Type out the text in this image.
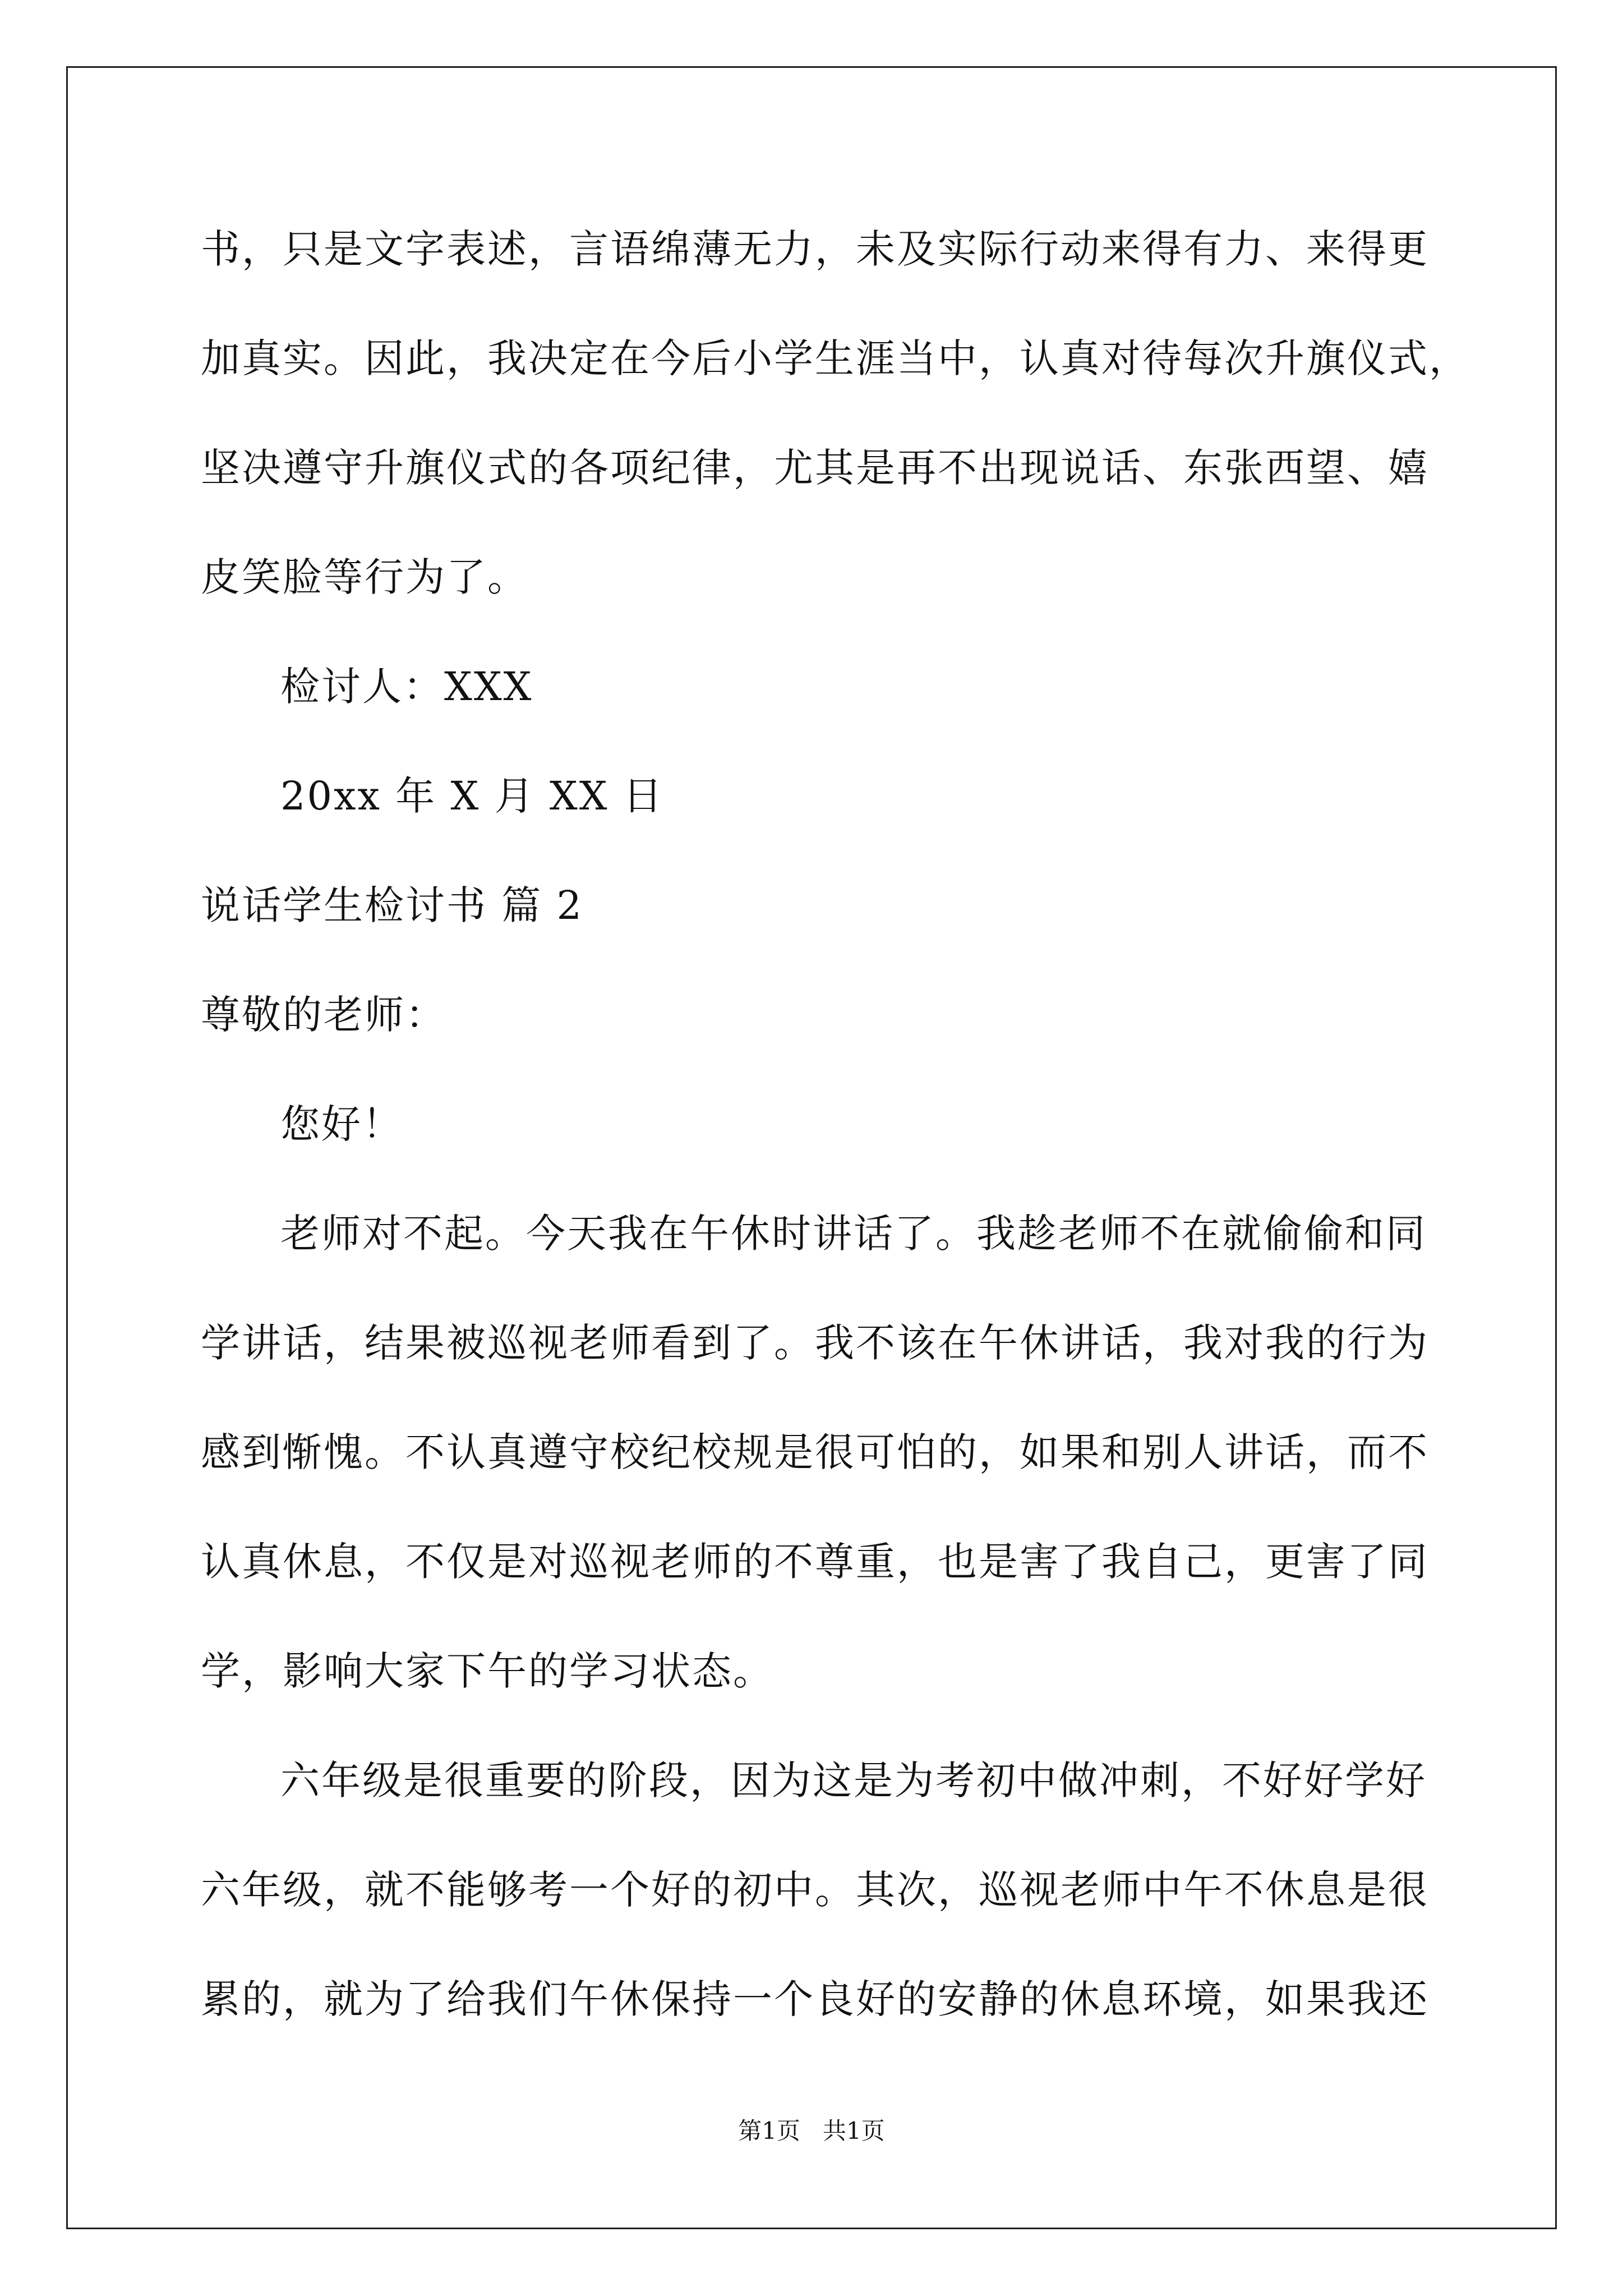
书，只是文字表述，言语绵薄无力，未及实际行动来得有力、来得更
加真实。因此，我决定在今后小学生涯当中，认真对待每次升旗仪式，
坚决遵守升旗仪式的各项纪律，尤其是再不出现说话、东张西望、嬉
皮笑脸等行为了。
检讨人：XXX
20xx 年 X 月 XX 日
说话学生检讨书 篇 2
尊敬的老师：
您好！
老师对不起。今天我在午休时讲话了。我趁老师不在就偷偷和同
学讲话，结果被巡视老师看到了。我不该在午休讲话，我对我的行为
感到惭愧。不认真遵守校纪校规是很可怕的，如果和别人讲话，而不
认真休息，不仅是对巡视老师的不尊重，也是害了我自己，更害了同
学，影响大家下午的学习状态。
六年级是很重要的阶段，因为这是为考初中做冲刺，不好好学好
六年级，就不能够考一个好的初中。其次，巡视老师中午不休息是很
累的，就为了给我们午休保持一个良好的安静的休息环境，如果我还
第1页   共1页
